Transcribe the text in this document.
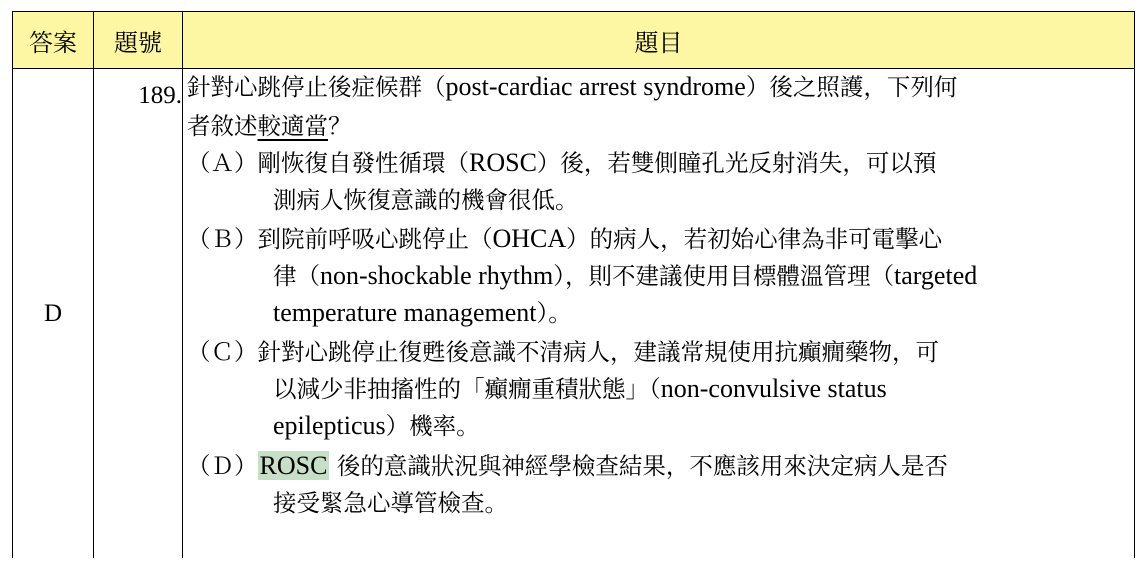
答案	題號	題目
D
189. 針對心跳停止後症候群（post-cardiac arrest syndrome）後之照護，下列何
者敘述較適當？
（Ａ）剛恢復自發性循環（ROSC）後，若雙側瞳孔光反射消失，可以預
測病人恢復意識的機會很低。
（Ｂ）到院前呼吸心跳停止（OHCA）的病人，若初始心律為非可電擊心
律（non-shockable rhythm），則不建議使用目標體溫管理（targeted
temperature management）。
（Ｃ）針對心跳停止復甦後意識不清病人，建議常規使用抗癲癇藥物，可
以減少非抽搐性的「癲癇重積狀態」（non-convulsive status
epilepticus）機率。
（Ｄ）ROSC 後的意識狀況與神經學檢查結果，不應該用來決定病人是否
接受緊急心導管檢查。
